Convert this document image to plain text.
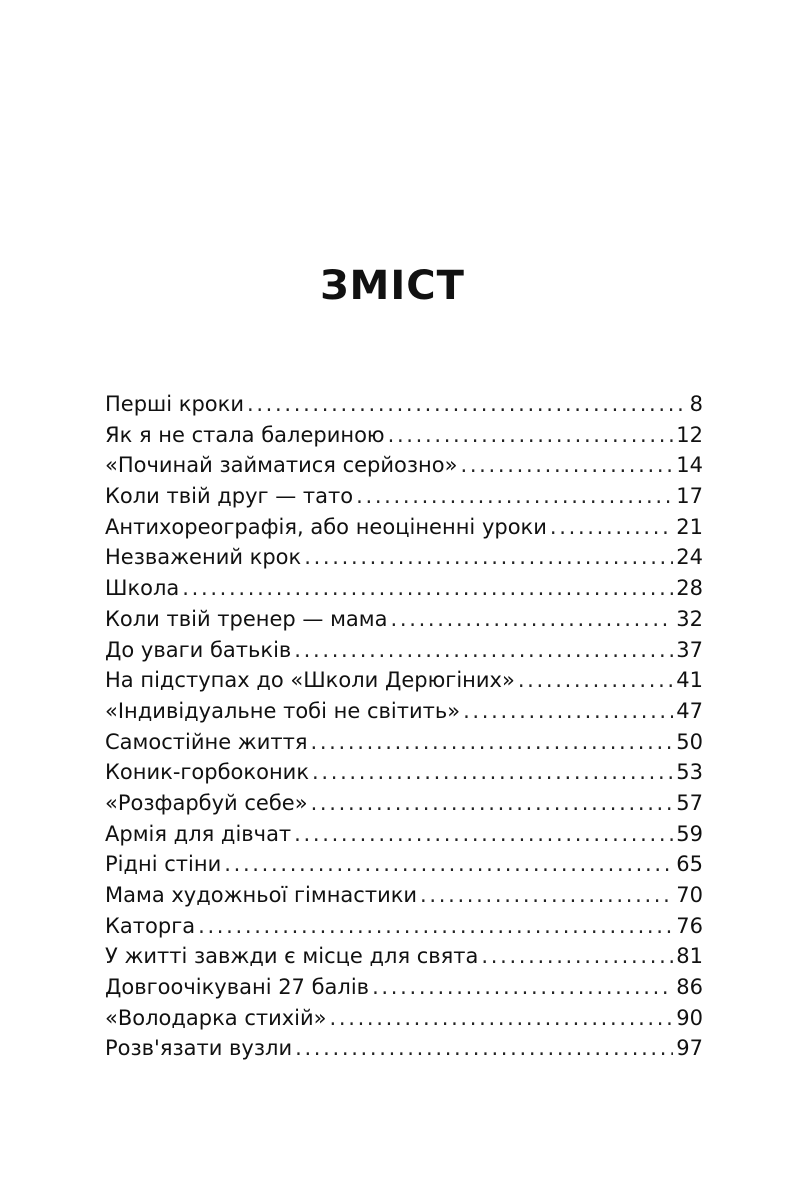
ЗМІСТ
Перші кроки . . .	8
Як я не стала балериною . . .	12
«Починай займатися серйозно» . . .	14
Коли твій друг — тато . . .	17
Антихореографія, або неоціненні уроки . . .	21
Незважений крок . . .	24
Школа . . .	28
Коли твій тренер — мама . . .	32
До уваги батьків . . .	37
На підступах до «Школи Дерюгіних» . . .	41
«Індивідуальне тобі не світить» . . .	47
Самостійне життя . . .	50
Коник-горбоконик . . .	53
«Розфарбуй себе» . . .	57
Армія для дівчат . . .	59
Рідні стіни . . .	65
Мама художньої гімнастики . . .	70
Каторга . . .	76
У житті завжди є місце для свята . . .	81
Довгоочікувані 27 балів . . .	86
«Володарка стихій» . . .	90
Розв'язати вузли . . .	97
